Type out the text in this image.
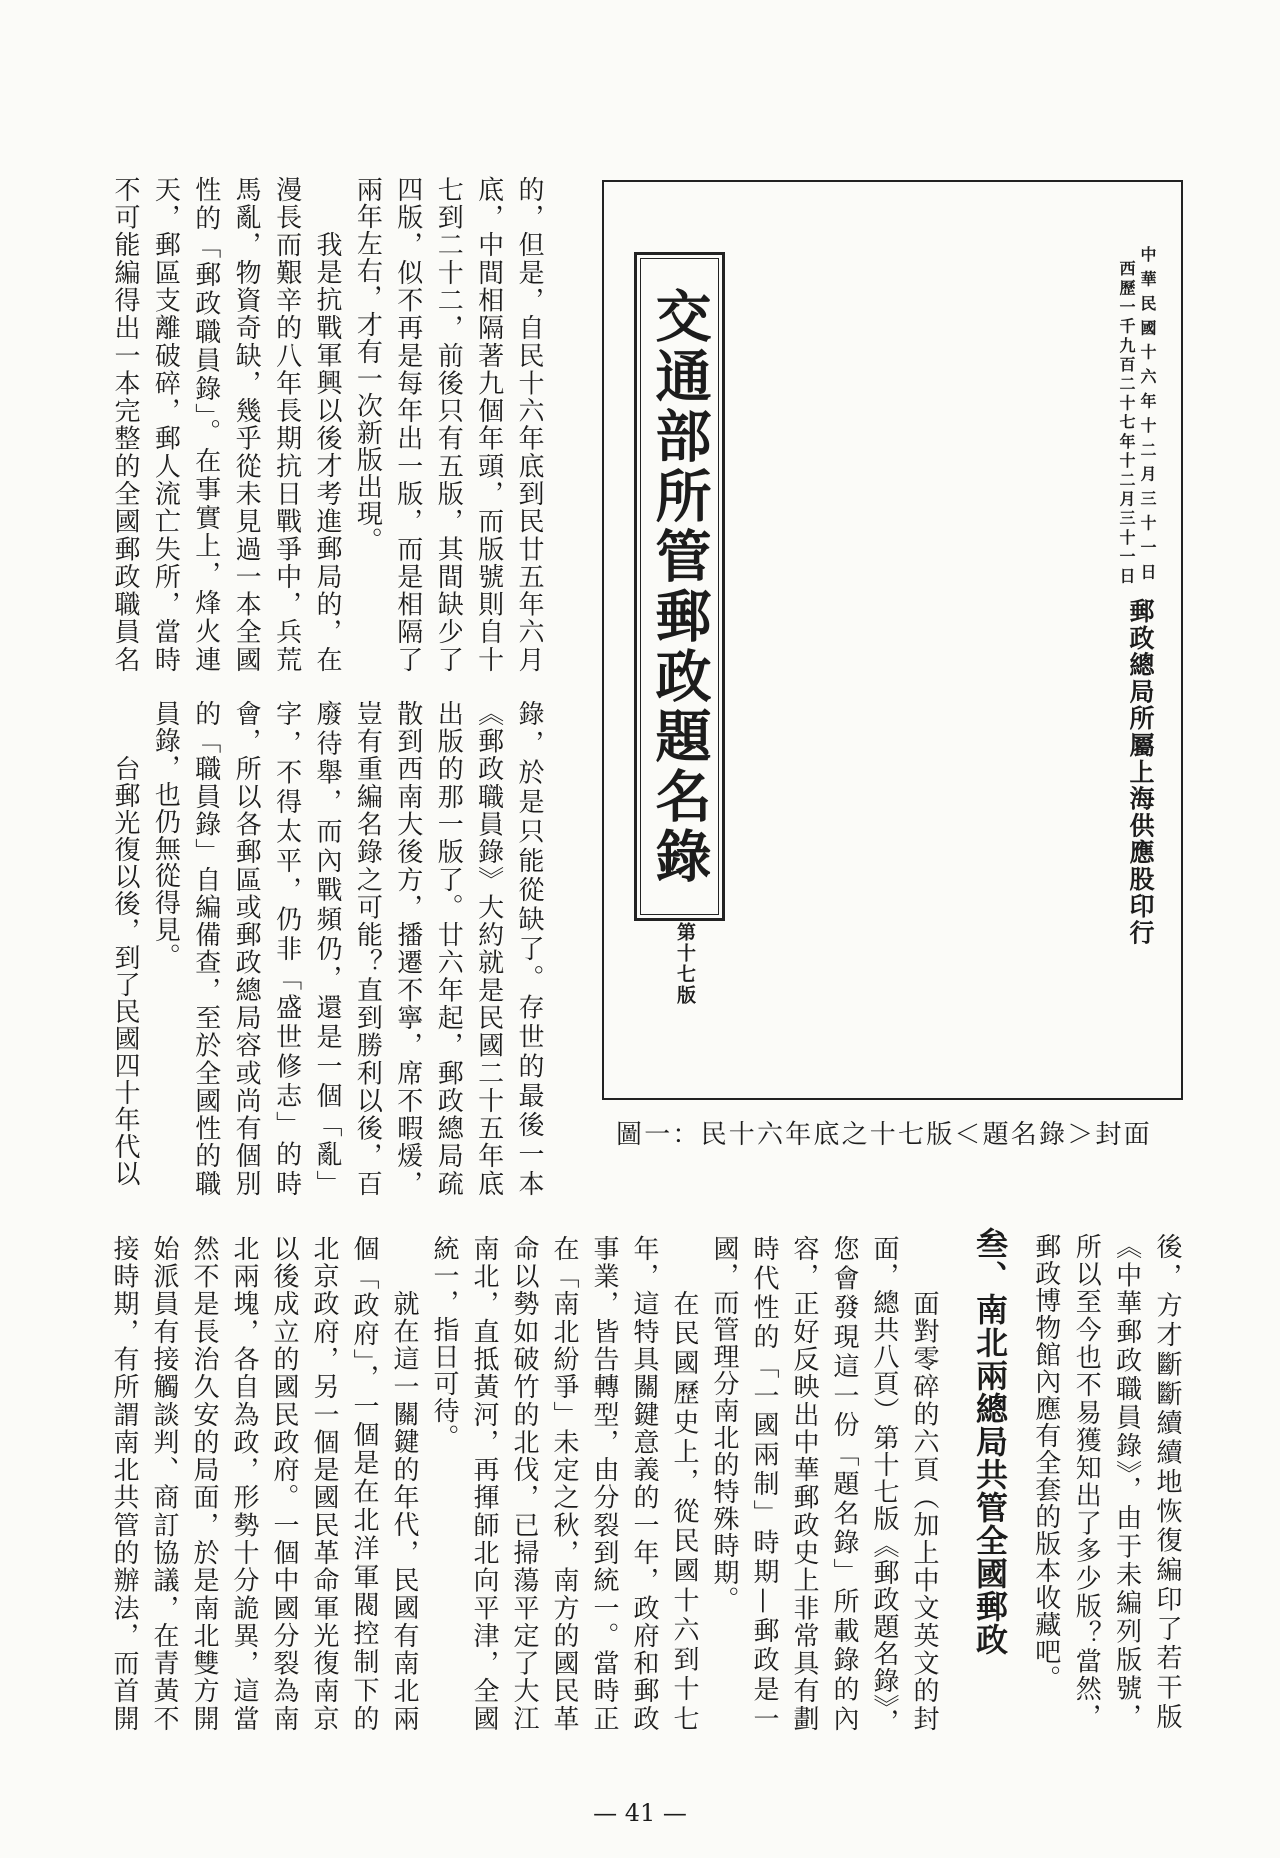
的，但是，自民十六年底到民廿五年六月
底，中間相隔著九個年頭，而版號則自十
七到二十二，前後只有五版，其間缺少了
四版，似不再是每年出一版，而是相隔了
兩年左右，才有一次新版出現。
我是抗戰軍興以後才考進郵局的，在
漫長而艱辛的八年長期抗日戰爭中，兵荒
馬亂，物資奇缺，幾乎從未見過一本全國
性的「郵政職員錄」。在事實上，烽火連
天，郵區支離破碎，郵人流亡失所，當時
不可能編得出一本完整的全國郵政職員名
錄，於是只能從缺了。存世的最後一本
《郵政職員錄》大約就是民國二十五年底
出版的那一版了。廿六年起，郵政總局疏
散到西南大後方，播遷不寧，席不暇煖，
豈有重編名錄之可能？直到勝利以後，百
廢待舉，而內戰頻仍，還是一個「亂」
字，不得太平，仍非「盛世修志」的時
會，所以各郵區或郵政總局容或尚有個別
的「職員錄」自編備查，至於全國性的職
員錄，也仍無從得見。
台郵光復以後，到了民國四十年代以
交通部所管郵政題名錄
第十七版
中華民國十六年十二月三十一日
西歷一千九百二十七年十二月三十一日
郵政總局所屬上海供應股印行
圖一：民十六年底之十七版＜題名錄＞封面
後，方才斷斷續續地恢復編印了若干版
《中華郵政職員錄》，由于未編列版號，
所以至今也不易獲知出了多少版？當然，
郵政博物館內應有全套的版本收藏吧。
叁、南北兩總局共管全國郵政
面對零碎的六頁（加上中文英文的封
面，總共八頁）第十七版《郵政題名錄》，
您會發現這一份「題名錄」所載錄的內
容，正好反映出中華郵政史上非常具有劃
時代性的「一國兩制」時期—郵政是一
國，而管理分南北的特殊時期。
在民國歷史上，從民國十六到十七
年，這特具關鍵意義的一年，政府和郵政
事業，皆告轉型，由分裂到統一。當時正
在「南北紛爭」未定之秋，南方的國民革
命以勢如破竹的北伐，已掃蕩平定了大江
南北，直抵黃河，再揮師北向平津，全國
統一，指日可待。
就在這一關鍵的年代，民國有南北兩
個「政府」，一個是在北洋軍閥控制下的
北京政府，另一個是國民革命軍光復南京
以後成立的國民政府。一個中國分裂為南
北兩塊，各自為政，形勢十分詭異，這當
然不是長治久安的局面，於是南北雙方開
始派員有接觸談判、商訂協議，在青黃不
接時期，有所謂南北共管的辦法，而首開
— 41 —
